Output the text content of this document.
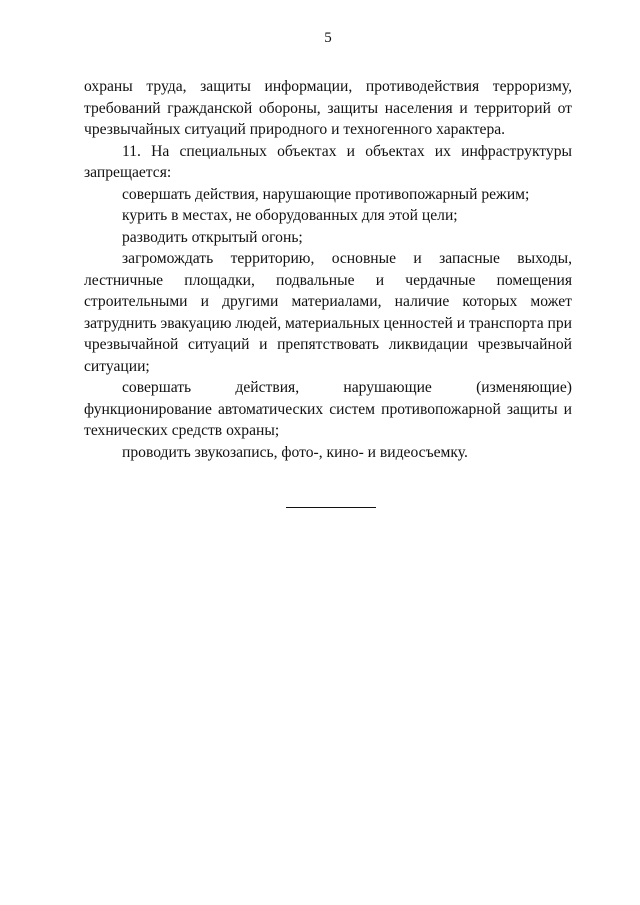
5

охраны труда, защиты информации, противодействия терроризму, требований гражданской обороны, защиты населения и территорий от чрезвычайных ситуаций природного и техногенного характера.

11. На специальных объектах и объектах их инфраструктуры запрещается:

совершать действия, нарушающие противопожарный режим;

курить в местах, не оборудованных для этой цели;

разводить открытый огонь;

загромождать территорию, основные и запасные выходы, лестничные площадки, подвальные и чердачные помещения строительными и другими материалами, наличие которых может затруднить эвакуацию людей, материальных ценностей и транспорта при чрезвычайной ситуаций и препятствовать ликвидации чрезвычайной ситуации;

совершать действия, нарушающие (изменяющие) функционирование автоматических систем противопожарной защиты и технических средств охраны;

проводить звукозапись, фото-, кино- и видеосъемку.
